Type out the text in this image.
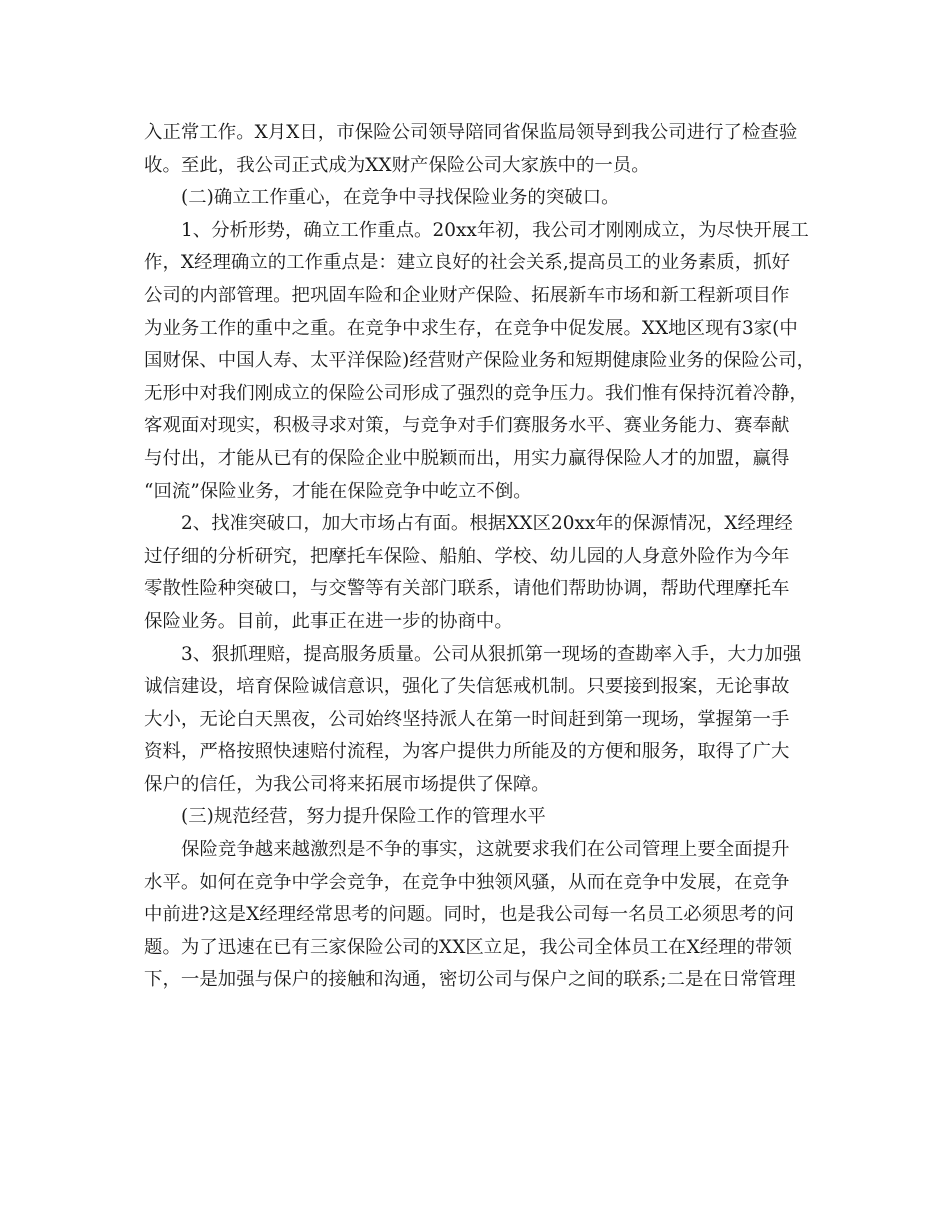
入正常工作。X月X日，市保险公司领导陪同省保监局领导到我公司进行了检查验
收。至此，我公司正式成为XX财产保险公司大家族中的一员。
(二)确立工作重心，在竞争中寻找保险业务的突破口。
1、分析形势，确立工作重点。20xx年初，我公司才刚刚成立，为尽快开展工
作，X经理确立的工作重点是：建立良好的社会关系,提高员工的业务素质，抓好
公司的内部管理。把巩固车险和企业财产保险、拓展新车市场和新工程新项目作
为业务工作的重中之重。在竞争中求生存，在竞争中促发展。XX地区现有3家(中
国财保、中国人寿、太平洋保险)经营财产保险业务和短期健康险业务的保险公司，
无形中对我们刚成立的保险公司形成了强烈的竞争压力。我们惟有保持沉着冷静，
客观面对现实，积极寻求对策，与竞争对手们赛服务水平、赛业务能力、赛奉献
与付出，才能从已有的保险企业中脱颖而出，用实力赢得保险人才的加盟，赢得
“回流”保险业务，才能在保险竞争中屹立不倒。
2、找准突破口，加大市场占有面。根据XX区20xx年的保源情况，X经理经
过仔细的分析研究，把摩托车保险、船舶、学校、幼儿园的人身意外险作为今年
零散性险种突破口，与交警等有关部门联系，请他们帮助协调，帮助代理摩托车
保险业务。目前，此事正在进一步的协商中。
3、狠抓理赔，提高服务质量。公司从狠抓第一现场的查勘率入手，大力加强
诚信建设，培育保险诚信意识，强化了失信惩戒机制。只要接到报案，无论事故
大小，无论白天黑夜，公司始终坚持派人在第一时间赶到第一现场，掌握第一手
资料，严格按照快速赔付流程，为客户提供力所能及的方便和服务，取得了广大
保户的信任，为我公司将来拓展市场提供了保障。
(三)规范经营，努力提升保险工作的管理水平
保险竞争越来越激烈是不争的事实，这就要求我们在公司管理上要全面提升
水平。如何在竞争中学会竞争，在竞争中独领风骚，从而在竞争中发展，在竞争
中前进?这是X经理经常思考的问题。同时，也是我公司每一名员工必须思考的问
题。为了迅速在已有三家保险公司的XX区立足，我公司全体员工在X经理的带领
下，一是加强与保户的接触和沟通，密切公司与保户之间的联系;二是在日常管理
